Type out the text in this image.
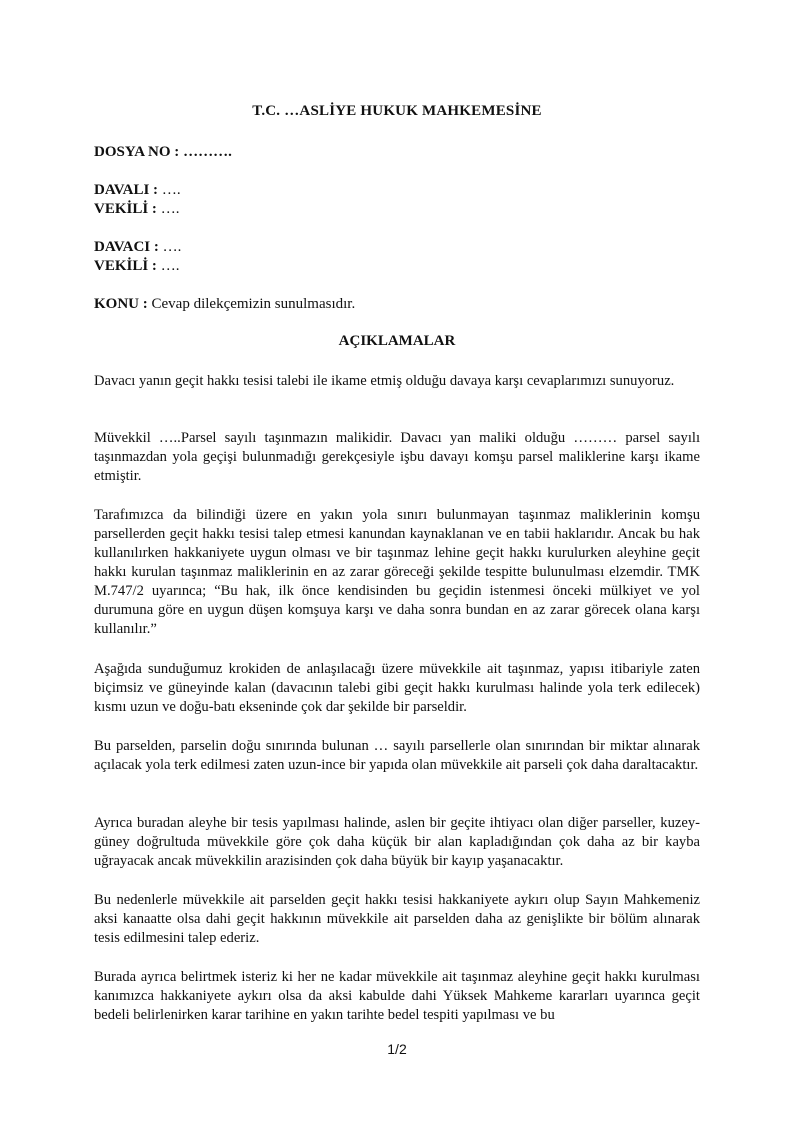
T.C. …ASLİYE HUKUK MAHKEMESİNE
DOSYA NO : ……….
DAVALI : ….
VEKİLİ : ….
DAVACI : ….
VEKİLİ : ….
KONU : Cevap dilekçemizin sunulmasıdır.
AÇIKLAMALAR

Davacı yanın geçit hakkı tesisi talebi ile ikame etmiş olduğu davaya karşı cevaplarımızı sunuyoruz.

Müvekkil …..Parsel sayılı taşınmazın malikidir. Davacı yan maliki olduğu ……… parsel sayılı taşınmazdan yola geçişi bulunmadığı gerekçesiyle işbu davayı komşu parsel maliklerine karşı ikame etmiştir.

Tarafımızca da bilindiği üzere en yakın yola sınırı bulunmayan taşınmaz maliklerinin komşu parsellerden geçit hakkı tesisi talep etmesi kanundan kaynaklanan ve en tabii haklarıdır. Ancak bu hak kullanılırken hakkaniyete uygun olması ve bir taşınmaz lehine geçit hakkı kurulurken aleyhine geçit hakkı kurulan taşınmaz maliklerinin en az zarar göreceği şekilde tespitte bulunulması elzemdir. TMK M.747/2 uyarınca; “Bu hak, ilk önce kendisinden bu geçidin istenmesi önceki mülkiyet ve yol durumuna göre en uygun düşen komşuya karşı ve daha sonra bundan en az zarar görecek olana karşı kullanılır.”

Aşağıda sunduğumuz krokiden de anlaşılacağı üzere müvekkile ait taşınmaz, yapısı itibariyle zaten biçimsiz ve güneyinde kalan (davacının talebi gibi geçit hakkı kurulması halinde yola terk edilecek) kısmı uzun ve doğu-batı ekseninde çok dar şekilde bir parseldir.

Bu parselden, parselin doğu sınırında bulunan … sayılı parsellerle olan sınırından bir miktar alınarak açılacak yola terk edilmesi zaten uzun-ince bir yapıda olan müvekkile ait parseli çok daha daraltacaktır.

Ayrıca buradan aleyhe bir tesis yapılması halinde, aslen bir geçite ihtiyacı olan diğer parseller, kuzey-güney doğrultuda müvekkile göre çok daha küçük bir alan kapladığından çok daha az bir kayba uğrayacak ancak müvekkilin arazisinden çok daha büyük bir kayıp yaşanacaktır.

Bu nedenlerle müvekkile ait parselden geçit hakkı tesisi hakkaniyete aykırı olup Sayın Mahkemeniz aksi kanaatte olsa dahi geçit hakkının müvekkile ait parselden daha az genişlikte bir bölüm alınarak tesis edilmesini talep ederiz.

Burada ayrıca belirtmek isteriz ki her ne kadar müvekkile ait taşınmaz aleyhine geçit hakkı kurulması kanımızca hakkaniyete aykırı olsa da aksi kabulde dahi Yüksek Mahkeme kararları uyarınca geçit bedeli belirlenirken karar tarihine en yakın tarihte bedel tespiti yapılması ve bu

1/2
